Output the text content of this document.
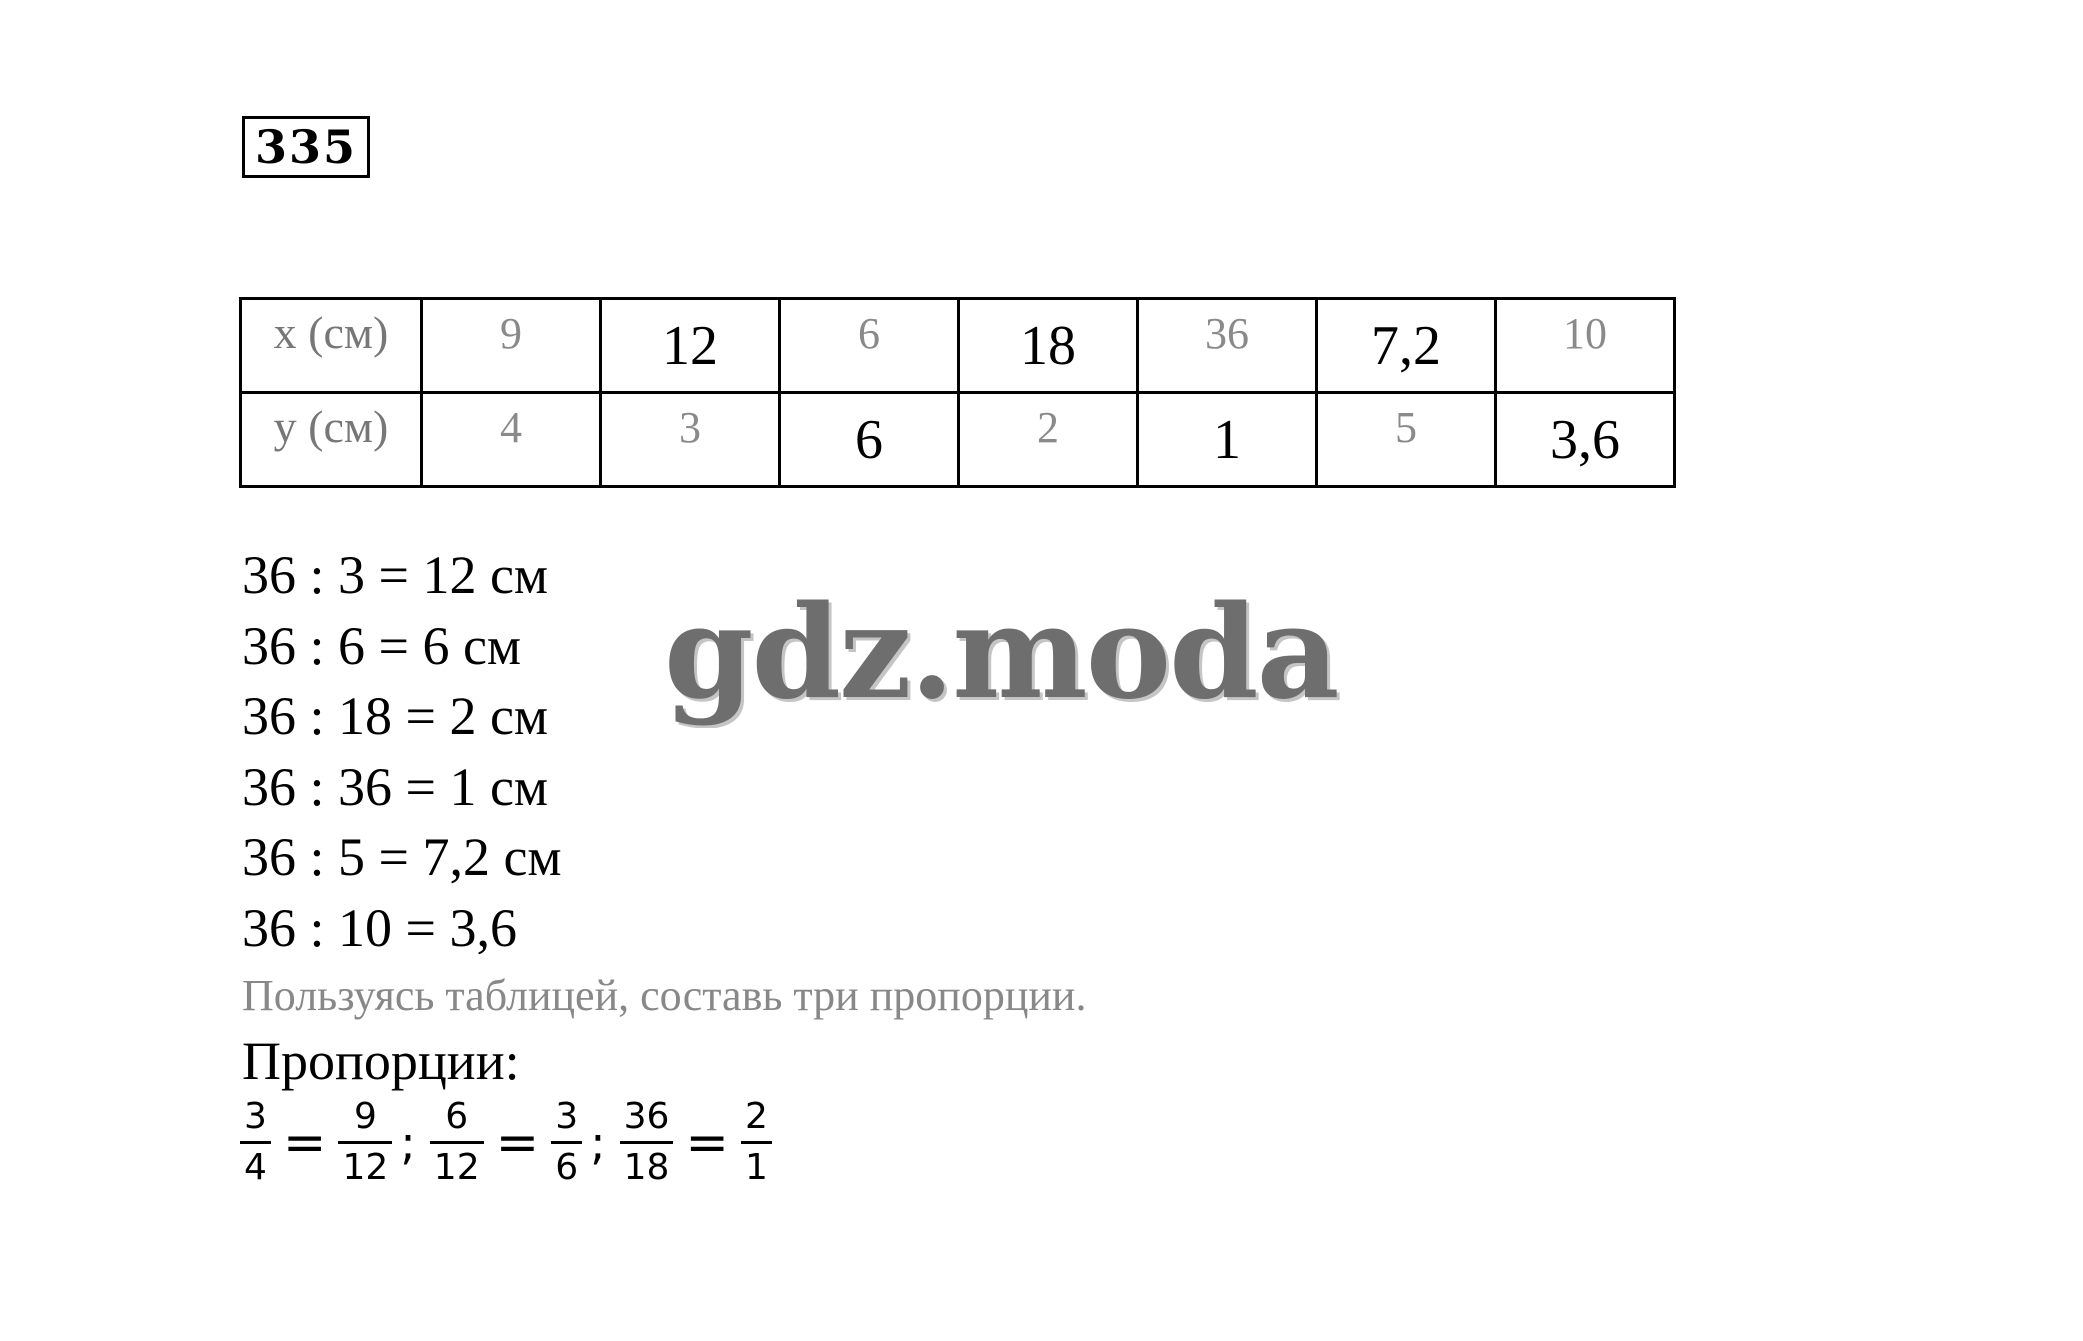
335
x (см)	9	12	6	18	36	7,2	10
y (см)	4	3	6	2	1	5	3,6
36 : 3 = 12 см
36 : 6 = 6 см
36 : 18 = 2 см
36 : 36 = 1 см
36 : 5 = 7,2 см
36 : 10 = 3,6
gdz.moda
Пользуясь таблицей, составь три пропорции.
Пропорции:
$\frac{3}{4} = \frac{9}{12}$ ; $\frac{6}{12} = \frac{3}{6}$ ; $\frac{36}{18} = \frac{2}{1}$
